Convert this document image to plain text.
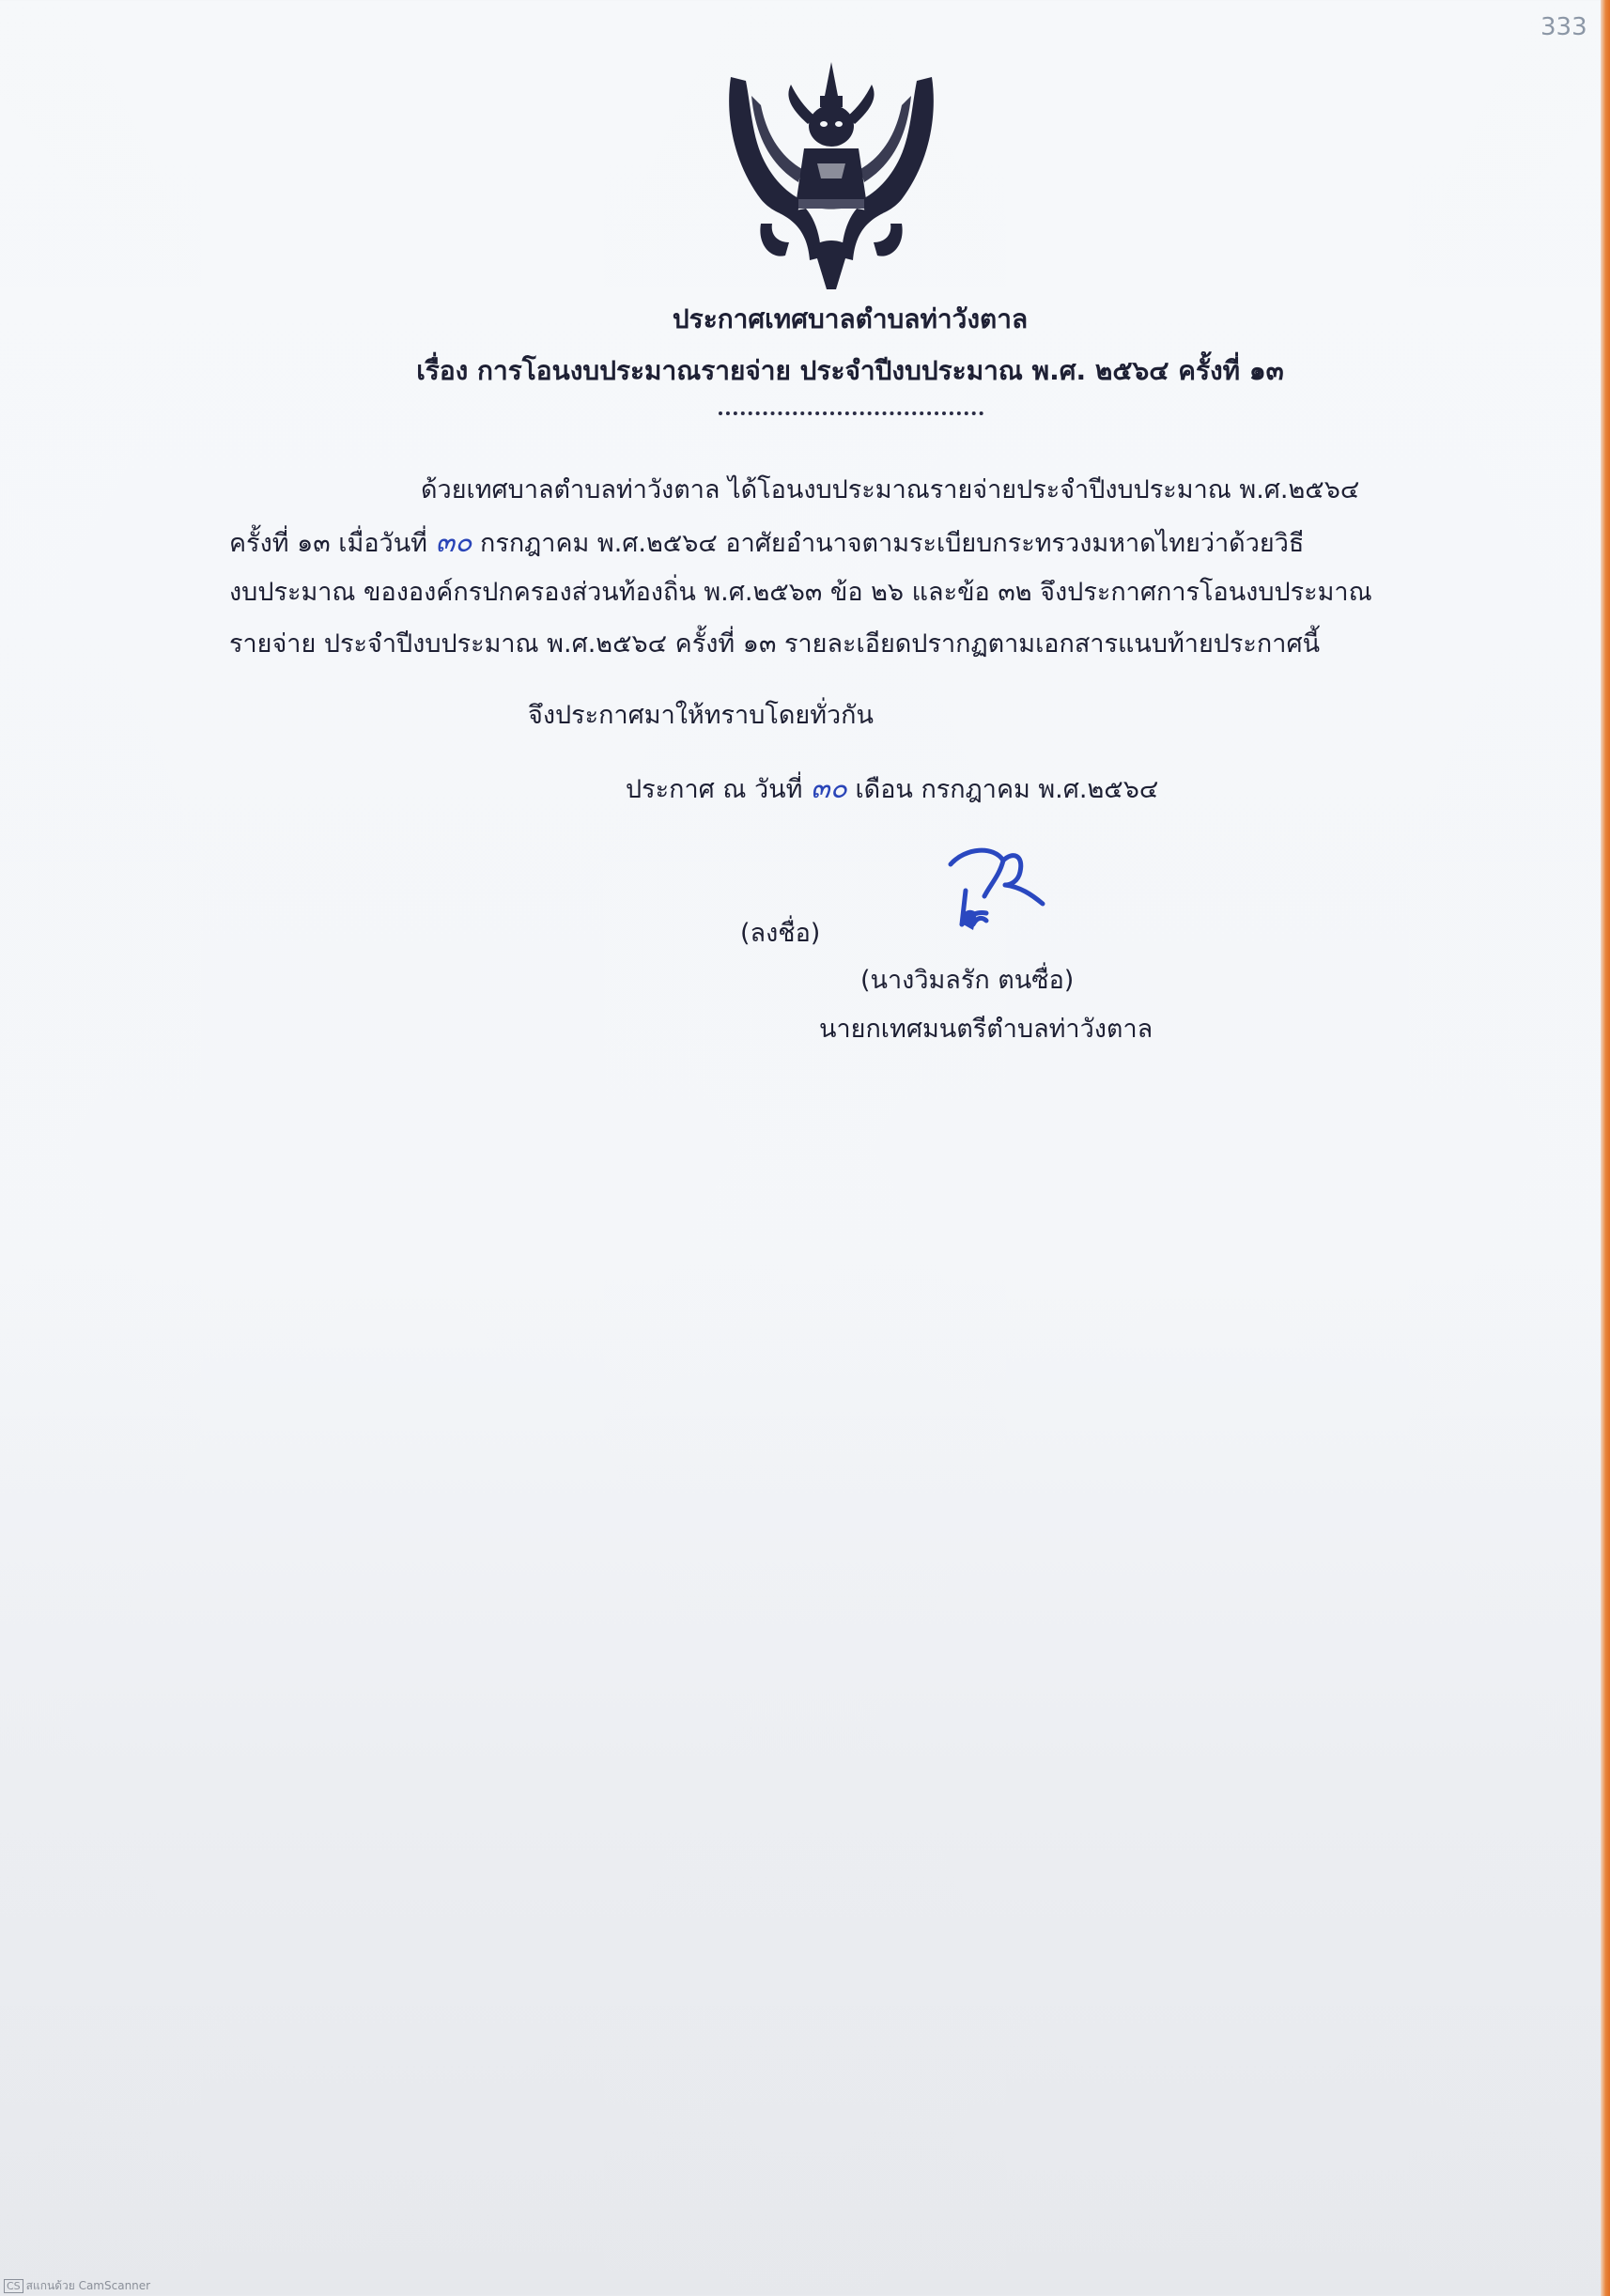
333
ประกาศเทศบาลตำบลท่าวังตาล
เรื่อง การโอนงบประมาณรายจ่าย ประจำปีงบประมาณ พ.ศ. ๒๕๖๔ ครั้งที่ ๑๓
ด้วยเทศบาลตำบลท่าวังตาล ได้โอนงบประมาณรายจ่ายประจำปีงบประมาณ พ.ศ.๒๕๖๔
ครั้งที่ ๑๓ เมื่อวันที่ ๓๐ กรกฎาคม พ.ศ.๒๕๖๔ อาศัยอำนาจตามระเบียบกระทรวงมหาดไทยว่าด้วยวิธี
งบประมาณ ขององค์กรปกครองส่วนท้องถิ่น พ.ศ.๒๕๖๓ ข้อ ๒๖ และข้อ ๓๒ จึงประกาศการโอนงบประมาณ
รายจ่าย ประจำปีงบประมาณ พ.ศ.๒๕๖๔ ครั้งที่ ๑๓ รายละเอียดปรากฏตามเอกสารแนบท้ายประกาศนี้
จึงประกาศมาให้ทราบโดยทั่วกัน
ประกาศ ณ วันที่ ๓๐ เดือน กรกฎาคม พ.ศ.๒๕๖๔
(ลงชื่อ)
(นางวิมลรัก ตนซื่อ)
นายกเทศมนตรีตำบลท่าวังตาล
CS สแกนด้วย CamScanner
